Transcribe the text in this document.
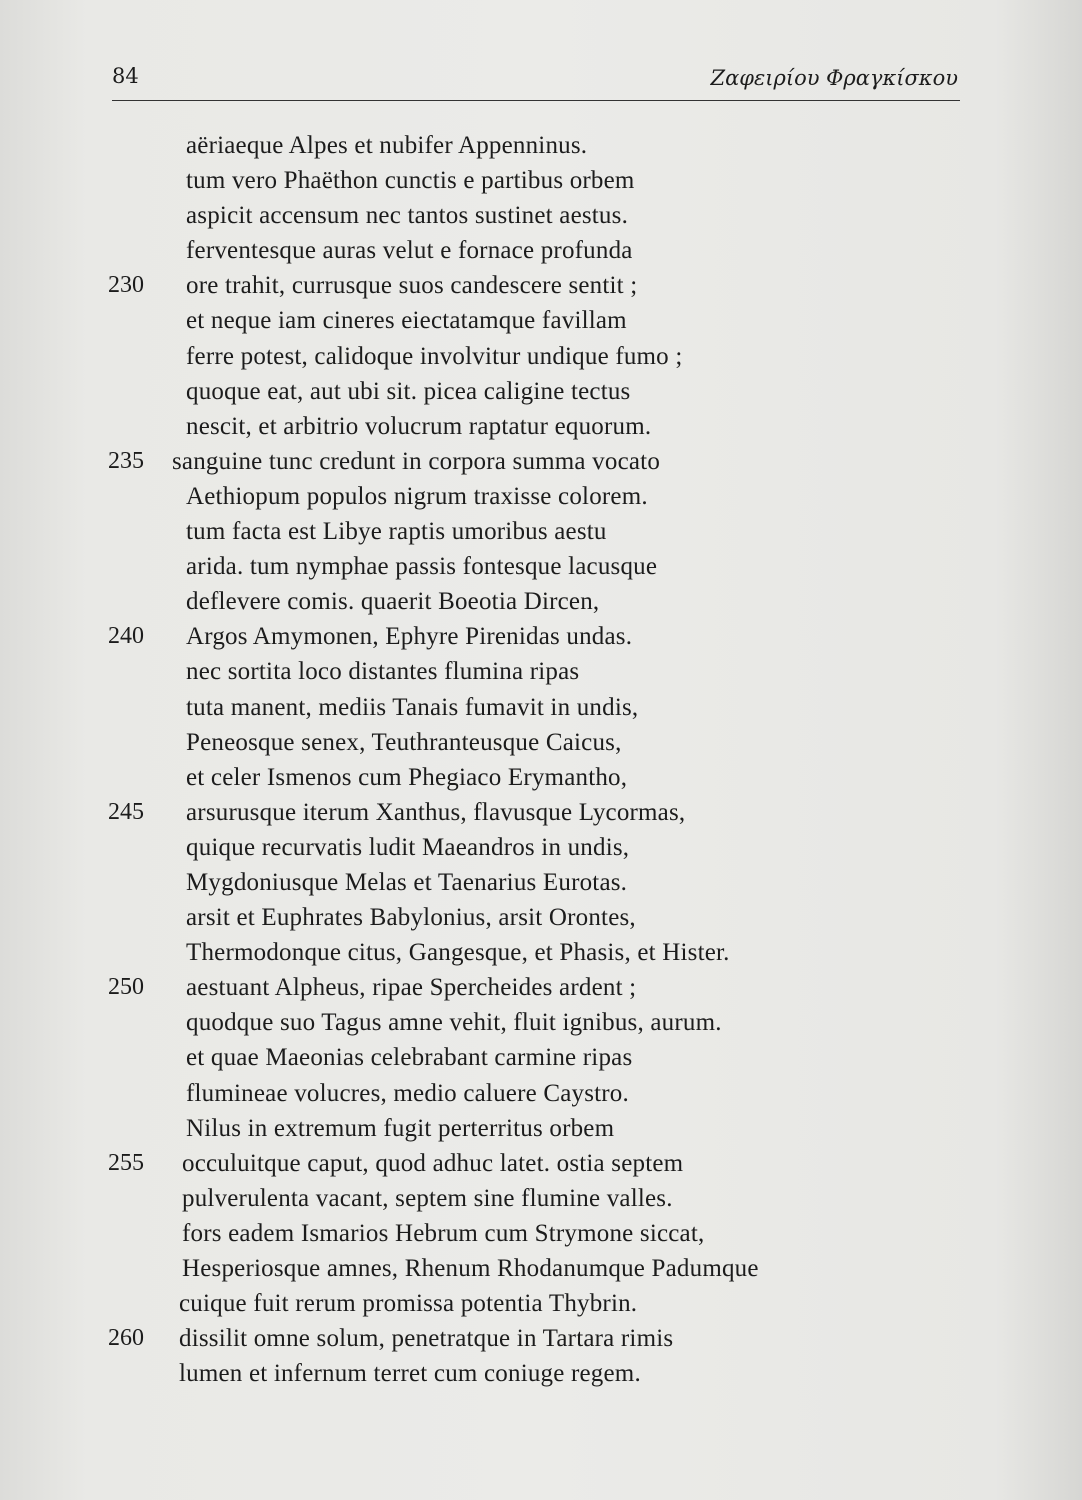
84	Ζαφειρίου Φραγκίσκου
aëriaeque Alpes et nubifer Appenninus.
tum vero Phaëthon cunctis e partibus orbem
aspicit accensum nec tantos sustinet aestus.
ferventesque auras velut e fornace profunda
230 ore trahit, currusque suos candescere sentit ;
et neque iam cineres eiectatamque favillam
ferre potest, calidoque involvitur undique fumo ;
quoque eat, aut ubi sit. picea caligine tectus
nescit, et arbitrio volucrum raptatur equorum.
235 sanguine tunc credunt in corpora summa vocato
Aethiopum populos nigrum traxisse colorem.
tum facta est Libye raptis umoribus aestu
arida. tum nymphae passis fontesque lacusque
deflevere comis. quaerit Boeotia Dircen,
240 Argos Amymonen, Ephyre Pirenidas undas.
nec sortita loco distantes flumina ripas
tuta manent, mediis Tanais fumavit in undis,
Peneosque senex, Teuthranteusque Caicus,
et celer Ismenos cum Phegiaco Erymantho,
245 arsurusque iterum Xanthus, flavusque Lycormas,
quique recurvatis ludit Maeandros in undis,
Mygdoniusque Melas et Taenarius Eurotas.
arsit et Euphrates Babylonius, arsit Orontes,
Thermodonque citus, Gangesque, et Phasis, et Hister.
250 aestuant Alpheus, ripae Spercheides ardent ;
quodque suo Tagus amne vehit, fluit ignibus, aurum.
et quae Maeonias celebrabant carmine ripas
flumineae volucres, medio caluere Caystro.
Nilus in extremum fugit perterritus orbem
255 occuluitque caput, quod adhuc latet. ostia septem
pulverulenta vacant, septem sine flumine valles.
fors eadem Ismarios Hebrum cum Strymone siccat,
Hesperiosque amnes, Rhenum Rhodanumque Padumque
cuique fuit rerum promissa potentia Thybrin.
260 dissilit omne solum, penetratque in Tartara rimis
lumen et infernum terret cum coniuge regem.
